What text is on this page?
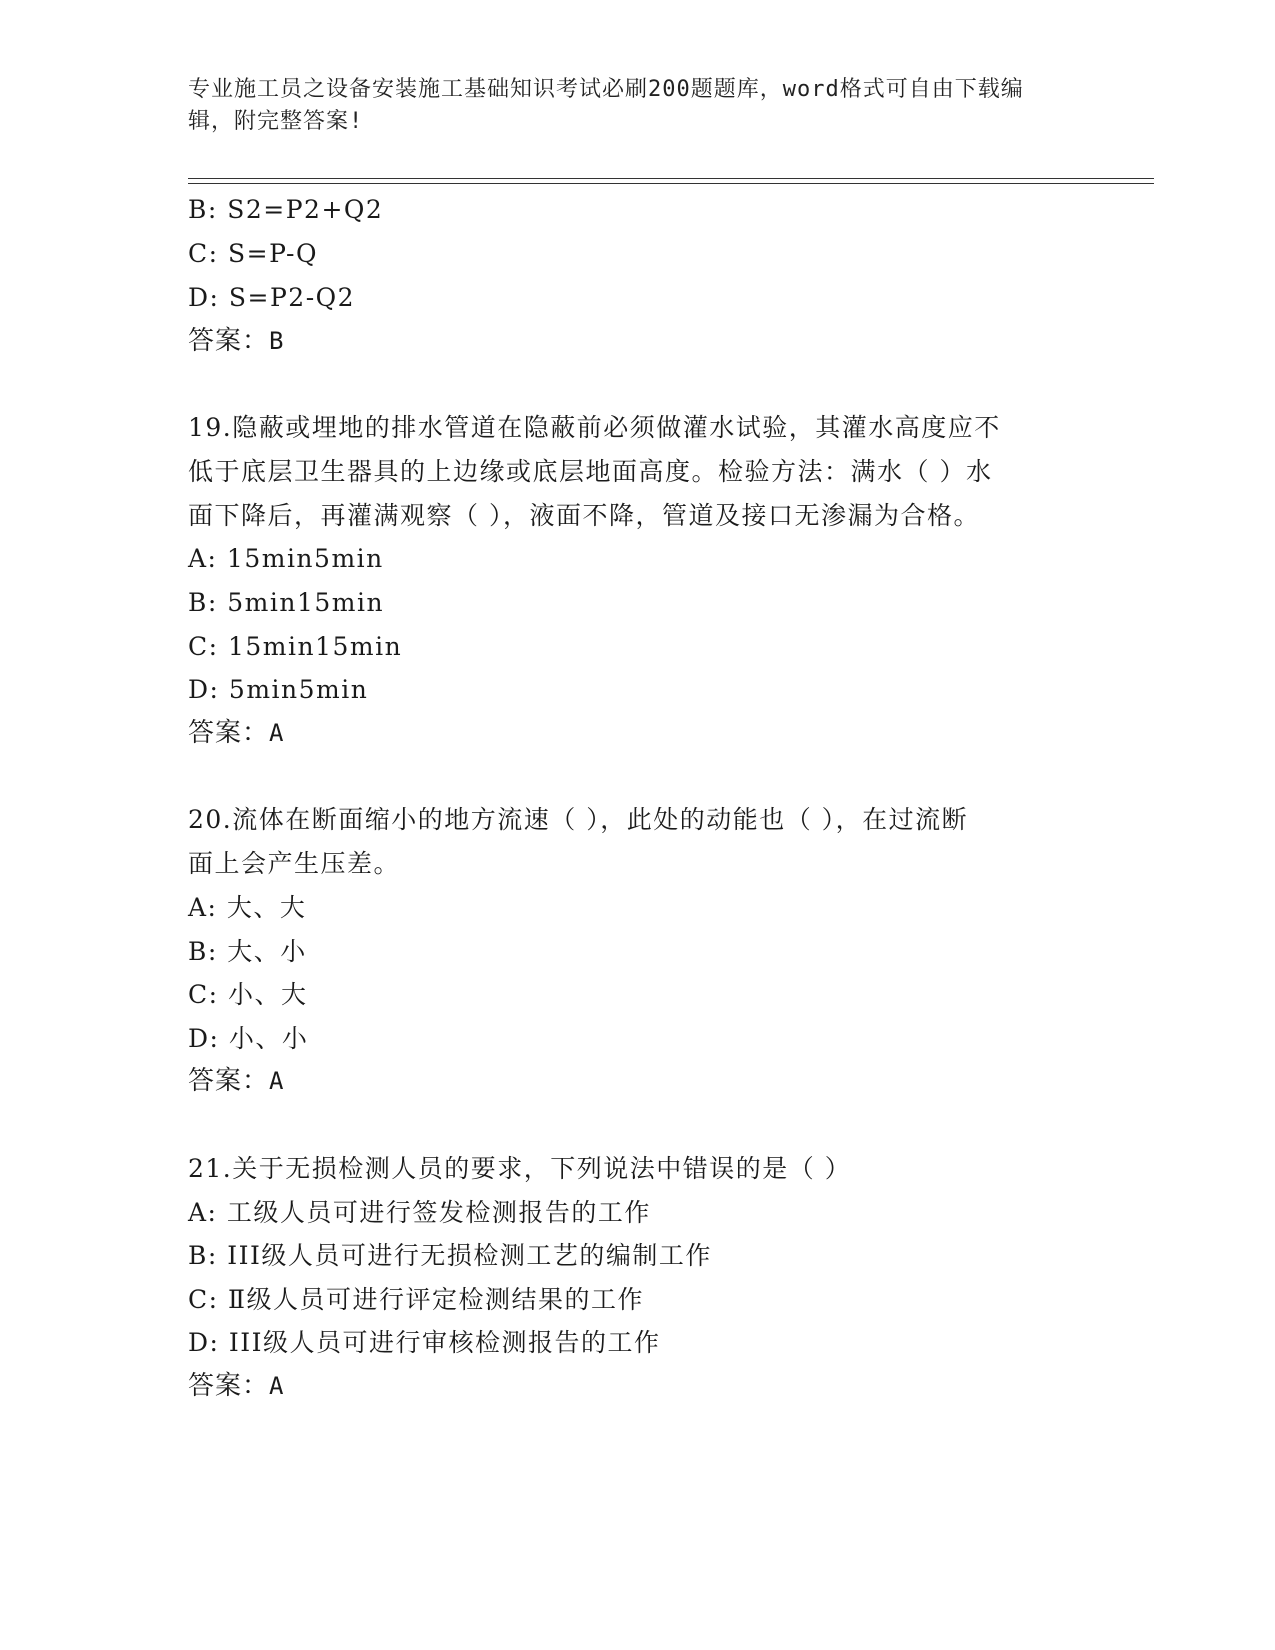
专业施工员之设备安装施工基础知识考试必刷200题题库，word格式可自由下载编辑，附完整答案!
B: S2=P2+Q2
C: S=P-Q
D: S=P2-Q2
答案：B
19.隐蔽或埋地的排水管道在隐蔽前必须做灌水试验，其灌水高度应不
低于底层卫生器具的上边缘或底层地面高度。检验方法：满水（ ）水
面下降后，再灌满观察（ ），液面不降，管道及接口无渗漏为合格。
A: 15min5min
B: 5min15min
C: 15min15min
D: 5min5min
答案：A
20.流体在断面缩小的地方流速（ ），此处的动能也（ ），在过流断
面上会产生压差。
A: 大、大
B: 大、小
C: 小、大
D: 小、小
答案：A
21.关于无损检测人员的要求，下列说法中错误的是（ ）
A: 工级人员可进行签发检测报告的工作
B: III级人员可进行无损检测工艺的编制工作
C: Ⅱ级人员可进行评定检测结果的工作
D: III级人员可进行审核检测报告的工作
答案：A
